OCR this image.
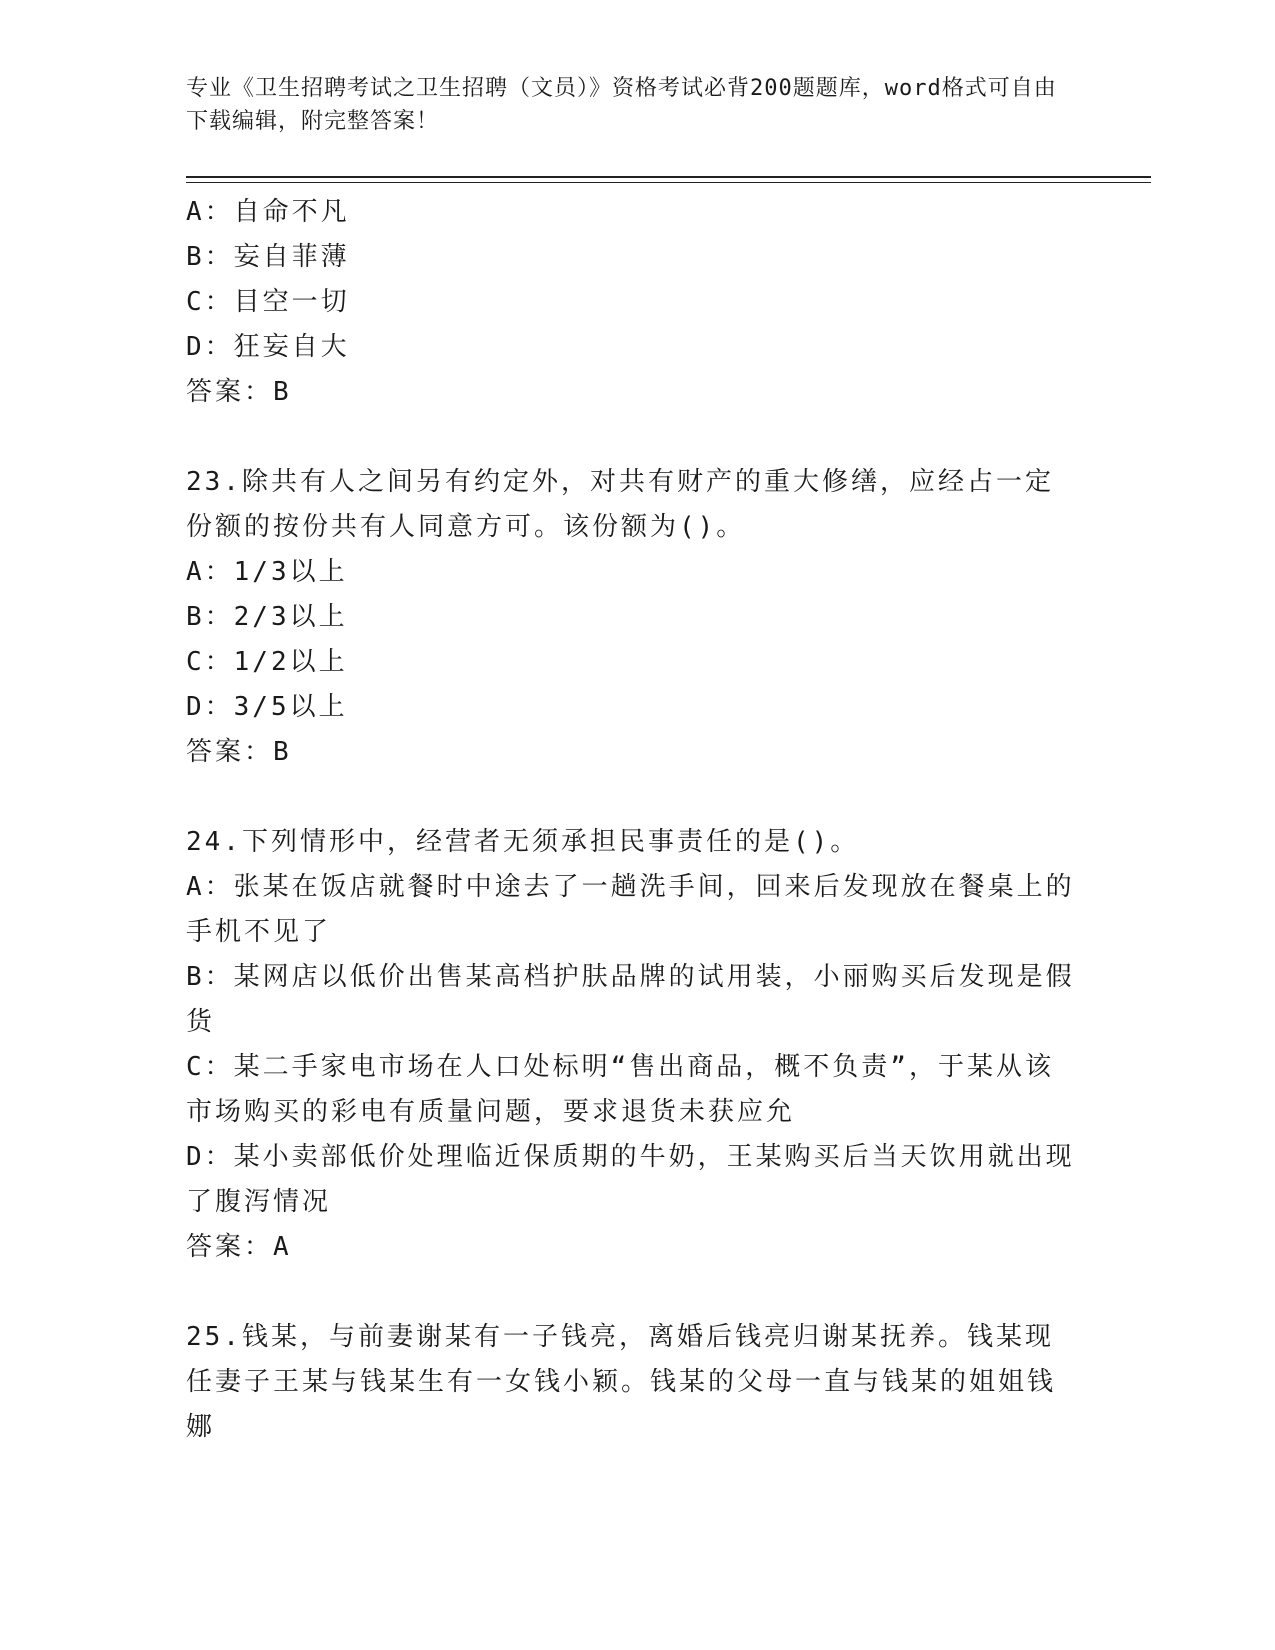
专业《卫生招聘考试之卫生招聘（文员）》资格考试必背200题题库，word格式可自由下载编辑，附完整答案！
A：自命不凡
B：妄自菲薄
C：目空一切
D：狂妄自大
答案：B
23.除共有人之间另有约定外，对共有财产的重大修缮，应经占一定份额的按份共有人同意方可。该份额为()。
A：1/3以上
B：2/3以上
C：1/2以上
D：3/5以上
答案：B
24.下列情形中，经营者无须承担民事责任的是()。
A：张某在饭店就餐时中途去了一趟洗手间，回来后发现放在餐桌上的手机不见了
B：某网店以低价出售某高档护肤品牌的试用装，小丽购买后发现是假货
C：某二手家电市场在人口处标明“售出商品，概不负责”，于某从该市场购买的彩电有质量问题，要求退货未获应允
D：某小卖部低价处理临近保质期的牛奶，王某购买后当天饮用就出现了腹泻情况
答案：A
25.钱某，与前妻谢某有一子钱亮，离婚后钱亮归谢某抚养。钱某现任妻子王某与钱某生有一女钱小颖。钱某的父母一直与钱某的姐姐钱娜
